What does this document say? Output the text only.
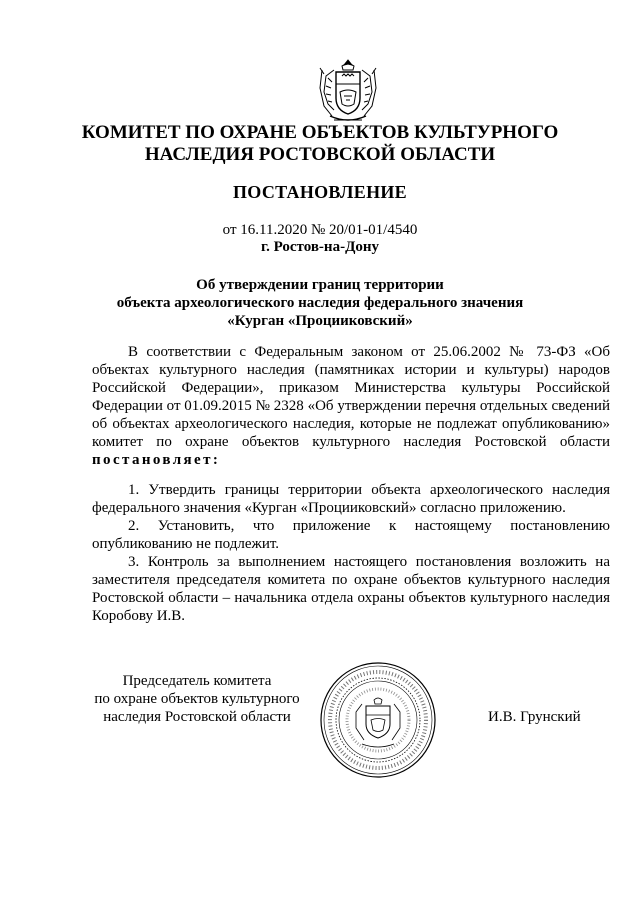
КОМИТЕТ ПО ОХРАНЕ ОБЪЕКТОВ КУЛЬТУРНОГО
НАСЛЕДИЯ РОСТОВСКОЙ ОБЛАСТИ
ПОСТАНОВЛЕНИЕ
от 16.11.2020 № 20/01-01/4540
г. Ростов-на-Дону
Об утверждении границ территории
объекта археологического наследия федерального значения
«Курган «Процииковский»

В соответствии с Федеральным законом от 25.06.2002 № 73-ФЗ «Об объектах культурного наследия (памятниках истории и культуры) народов Российской Федерации», приказом Министерства культуры Российской Федерации от 01.09.2015 № 2328 «Об утверждении перечня отдельных сведений об объектах археологического наследия, которые не подлежат опубликованию» комитет по охране объектов культурного наследия Ростовской области постановляет:

1. Утвердить границы территории объекта археологического наследия федерального значения «Курган «Процииковский» согласно приложению.

2. Установить, что приложение к настоящему постановлению опубликованию не подлежит.

3. Контроль за выполнением настоящего постановления возложить на заместителя председателя комитета по охране объектов культурного наследия Ростовской области – начальника отдела охраны объектов культурного наследия Коробову И.В.

Председатель комитета
по охране объектов культурного
наследия Ростовской области	И.В. Грунский
